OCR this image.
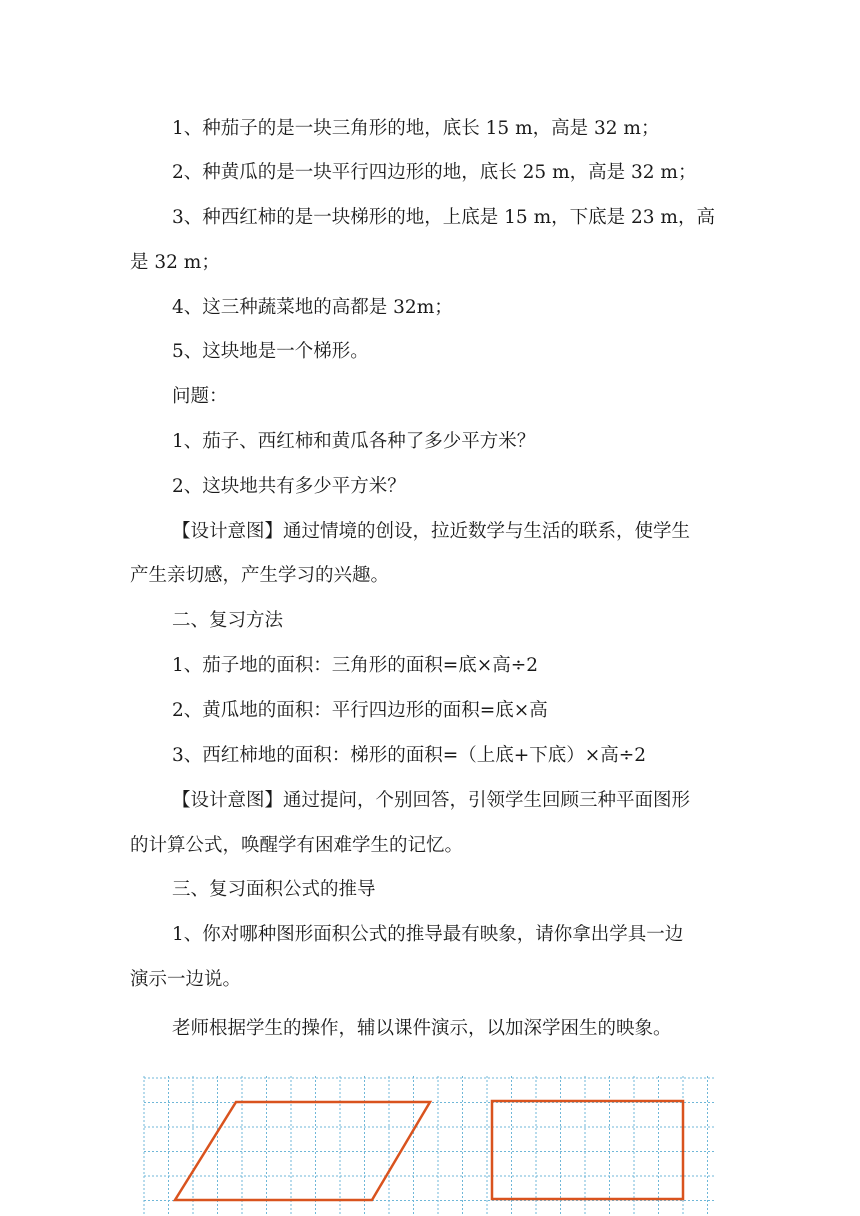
1、种茄子的是一块三角形的地，底长 15 m，高是 32 m；
2、种黄瓜的是一块平行四边形的地，底长 25 m，高是 32 m；
3、种西红柿的是一块梯形的地，上底是 15 m，下底是 23 m，高
是 32 m；
4、这三种蔬菜地的高都是 32m；
5、这块地是一个梯形。
问题：
1、茄子、西红柿和黄瓜各种了多少平方米？
2、这块地共有多少平方米？
【设计意图】通过情境的创设，拉近数学与生活的联系，使学生
产生亲切感，产生学习的兴趣。
二、复习方法
1、茄子地的面积：三角形的面积=底×高÷2
2、黄瓜地的面积：平行四边形的面积=底×高
3、西红柿地的面积：梯形的面积=（上底+下底）×高÷2
【设计意图】通过提问，个别回答，引领学生回顾三种平面图形
的计算公式，唤醒学有困难学生的记忆。
三、复习面积公式的推导
1、你对哪种图形面积公式的推导最有映象，请你拿出学具一边
演示一边说。
老师根据学生的操作，辅以课件演示，以加深学困生的映象。
